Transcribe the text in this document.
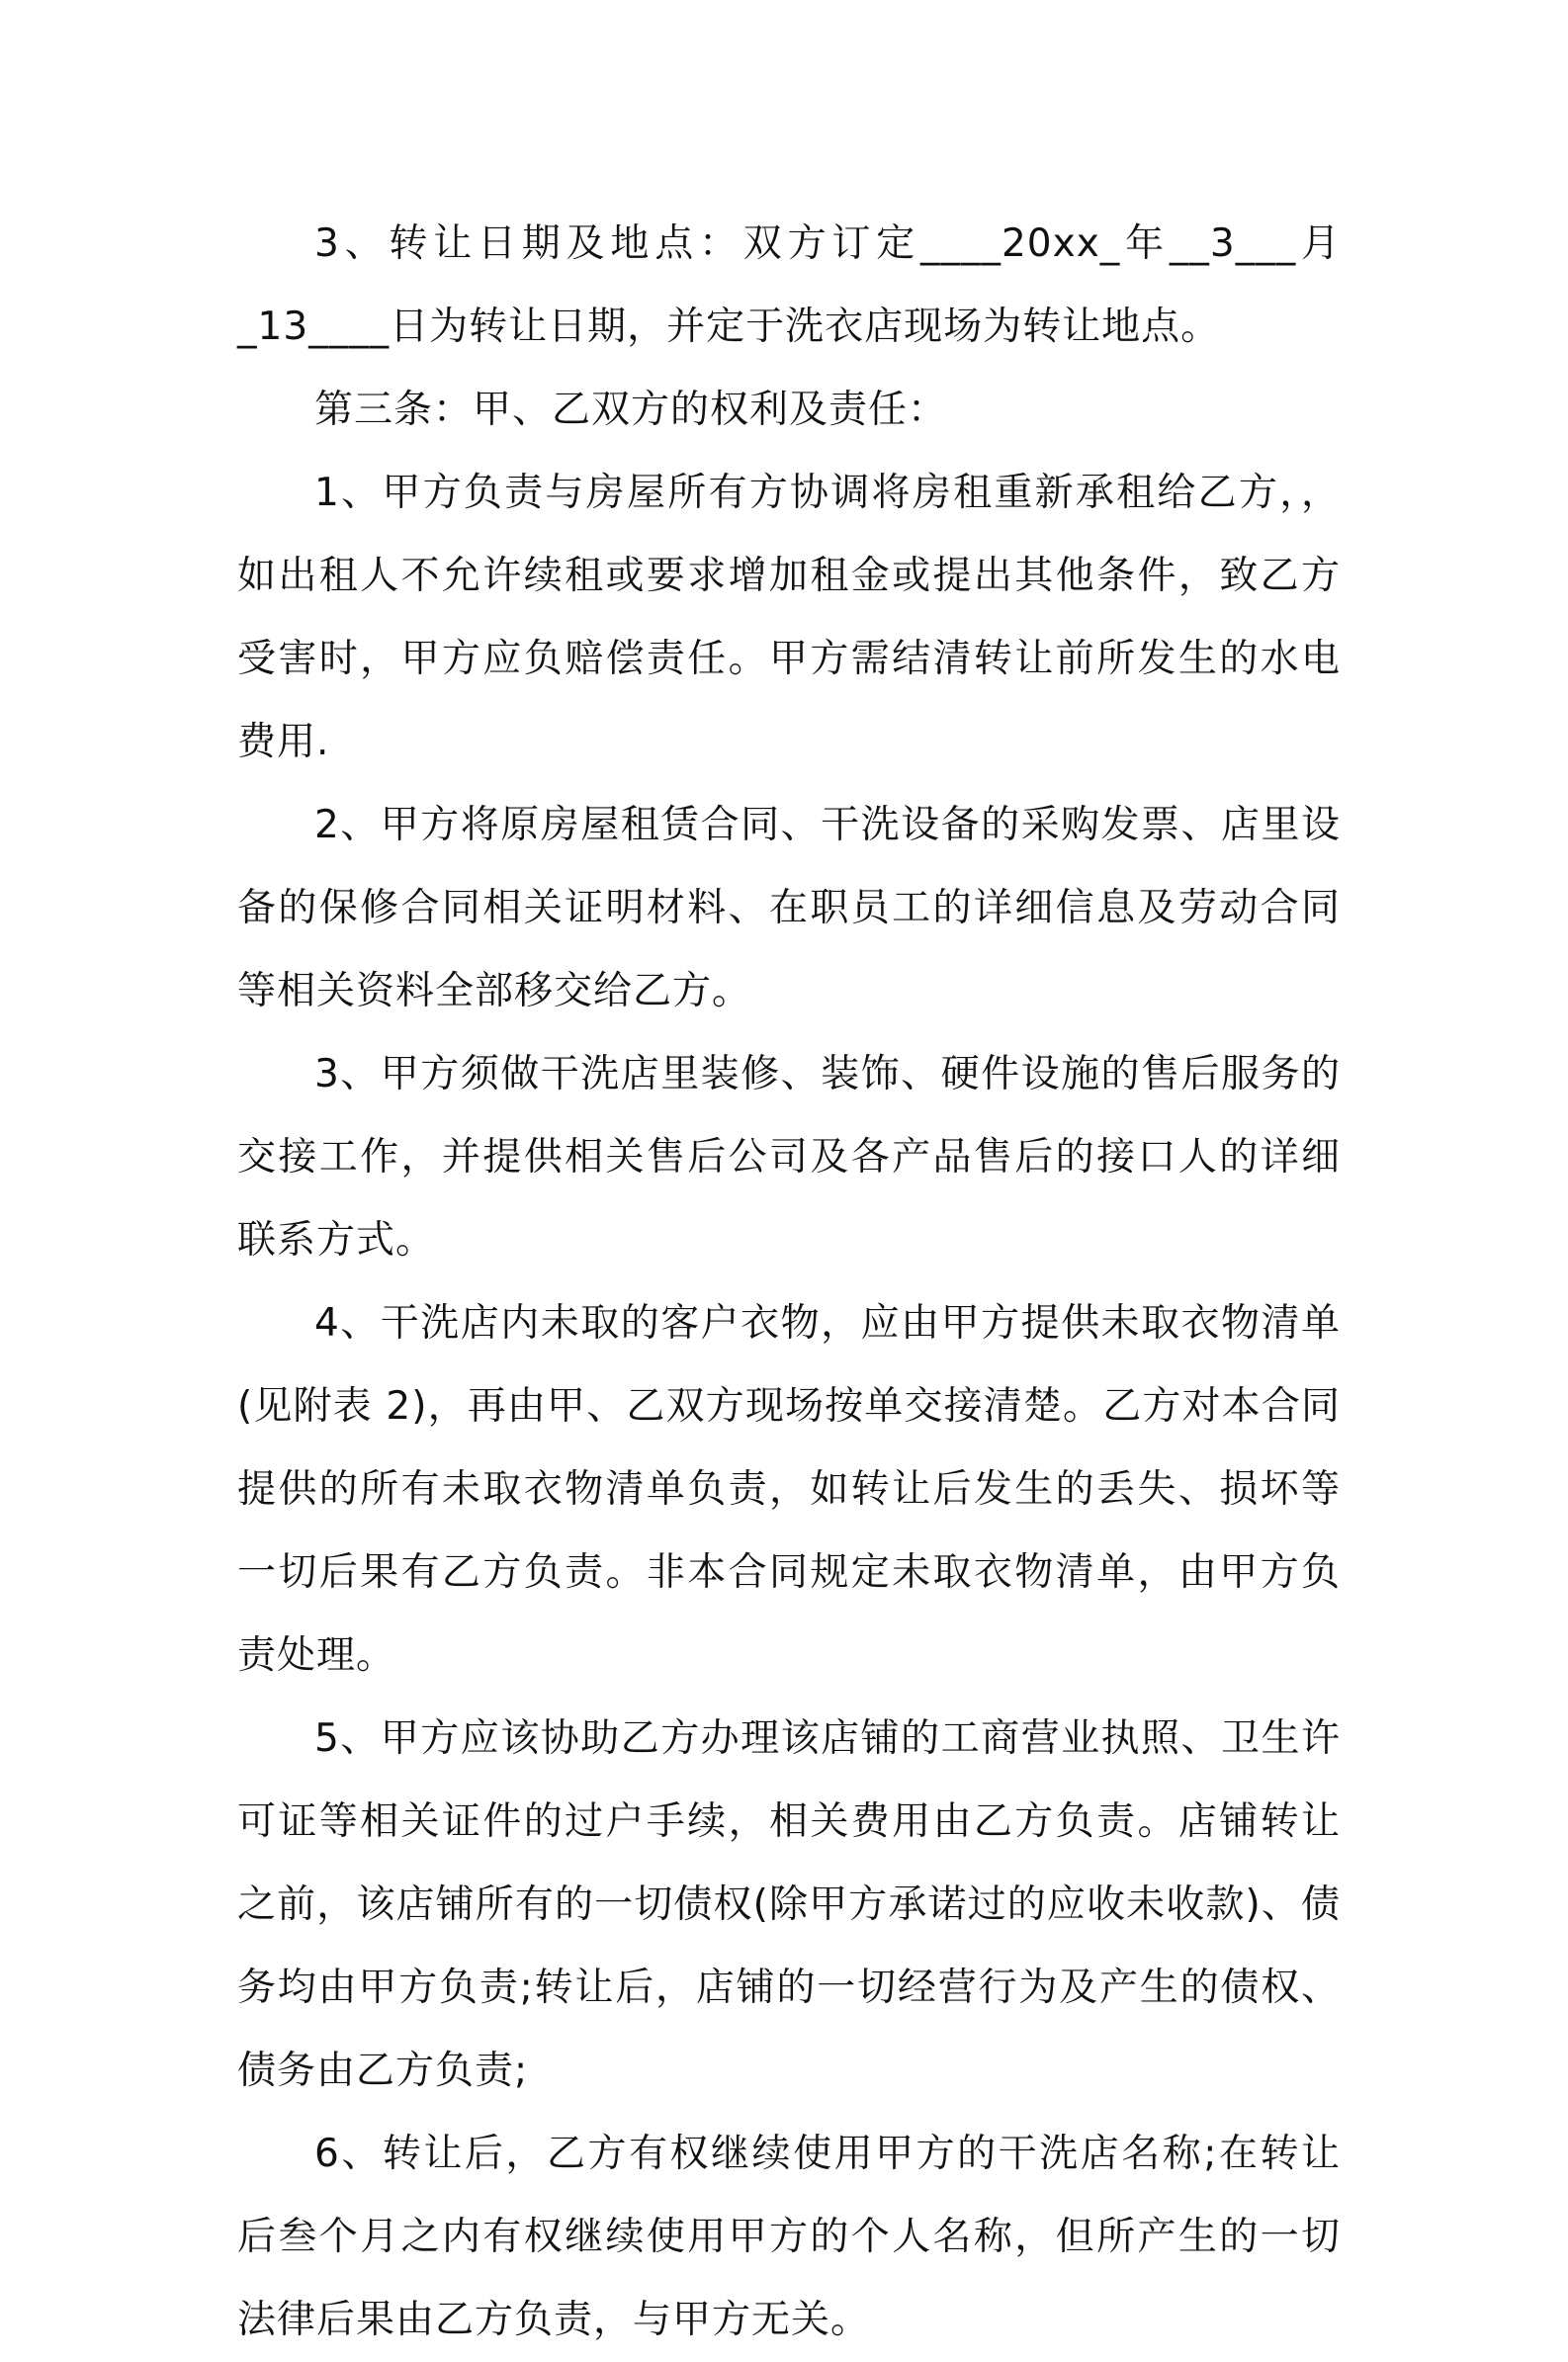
3、转让日期及地点：双方订定____20xx_年__3___月_13____日为转让日期，并定于洗衣店现场为转让地点。

第三条：甲、乙双方的权利及责任：

1、甲方负责与房屋所有方协调将房租重新承租给乙方，，如出租人不允许续租或要求增加租金或提出其他条件，致乙方受害时，甲方应负赔偿责任。甲方需结清转让前所发生的水电费用.

2、甲方将原房屋租赁合同、干洗设备的采购发票、店里设备的保修合同相关证明材料、在职员工的详细信息及劳动合同等相关资料全部移交给乙方。

3、甲方须做干洗店里装修、装饰、硬件设施的售后服务的交接工作，并提供相关售后公司及各产品售后的接口人的详细联系方式。

4、干洗店内未取的客户衣物，应由甲方提供未取衣物清单(见附表 2)，再由甲、乙双方现场按单交接清楚。乙方对本合同提供的所有未取衣物清单负责，如转让后发生的丢失、损坏等一切后果有乙方负责。非本合同规定未取衣物清单，由甲方负责处理。

5、甲方应该协助乙方办理该店铺的工商营业执照、卫生许可证等相关证件的过户手续，相关费用由乙方负责。店铺转让之前，该店铺所有的一切债权(除甲方承诺过的应收未收款)、债务均由甲方负责;转让后，店铺的一切经营行为及产生的债权、债务由乙方负责;

6、转让后，乙方有权继续使用甲方的干洗店名称;在转让后叁个月之内有权继续使用甲方的个人名称，但所产生的一切法律后果由乙方负责，与甲方无关。
